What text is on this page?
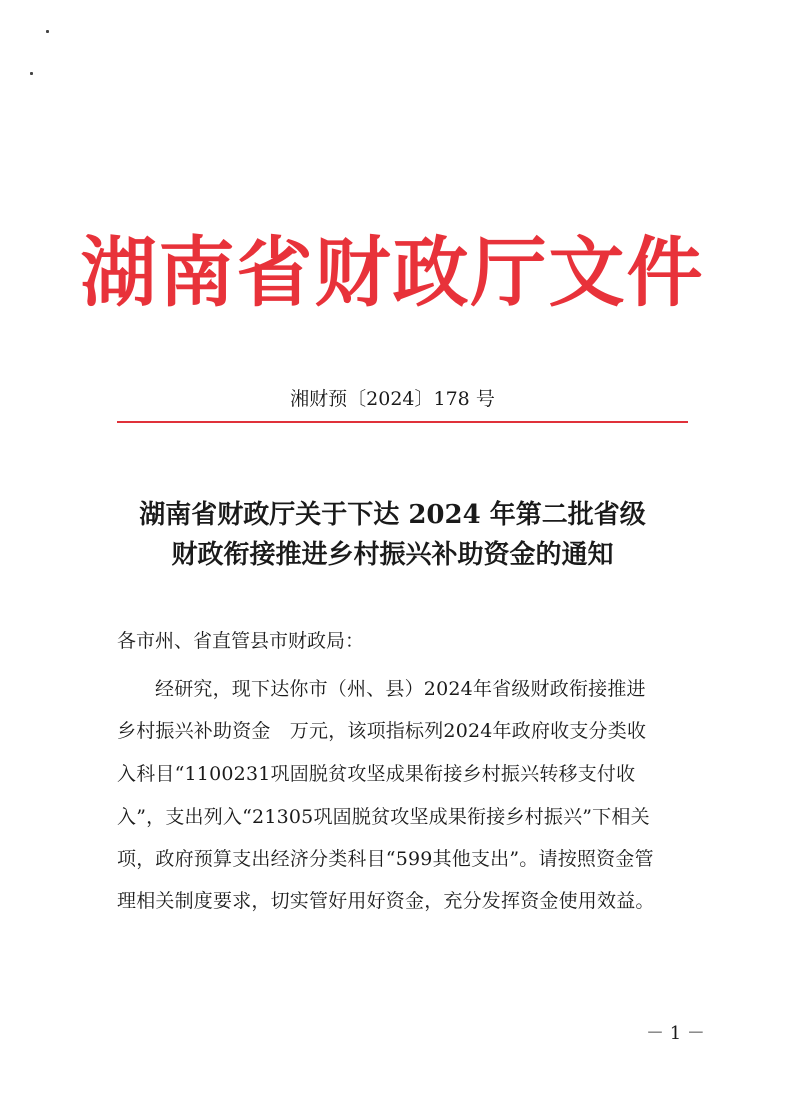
湖南省财政厅文件
湘财预〔2024〕178 号
湖南省财政厅关于下达 2024 年第二批省级
财政衔接推进乡村振兴补助资金的通知
各市州、省直管县市财政局：
经研究，现下达你市（州、县）2024年省级财政衔接推进
乡村振兴补助资金　万元，该项指标列2024年政府收支分类收
入科目“1100231巩固脱贫攻坚成果衔接乡村振兴转移支付收
入”，支出列入“21305巩固脱贫攻坚成果衔接乡村振兴”下相关
项，政府预算支出经济分类科目“599其他支出”。请按照资金管
理相关制度要求，切实管好用好资金，充分发挥资金使用效益。
－ 1 －
